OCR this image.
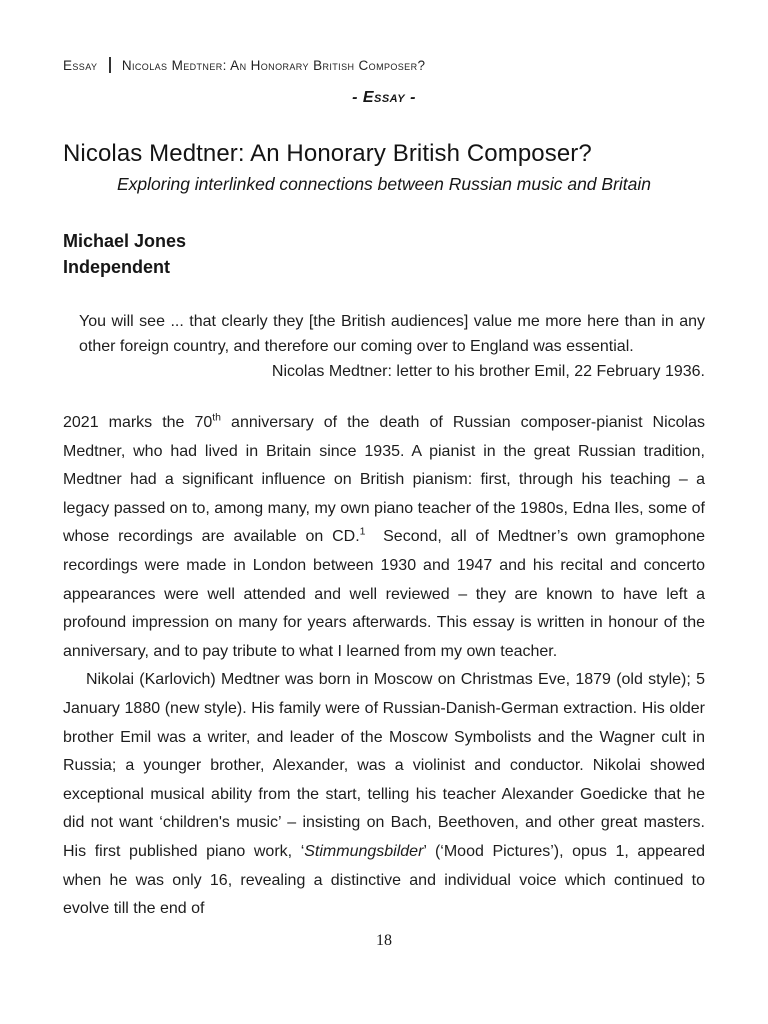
Essay Nicolas Medtner: An Honorary British Composer?
- Essay -
Nicolas Medtner: An Honorary British Composer?
Exploring interlinked connections between Russian music and Britain
Michael Jones
Independent

You will see ... that clearly they [the British audiences] value me more here than in any other foreign country, and therefore our coming over to England was essential.

Nicolas Medtner: letter to his brother Emil, 22 February 1936.

2021 marks the 70th anniversary of the death of Russian composer-pianist Nicolas Medtner, who had lived in Britain since 1935. A pianist in the great Russian tradition, Medtner had a significant influence on British pianism: first, through his teaching – a legacy passed on to, among many, my own piano teacher of the 1980s, Edna Iles, some of whose recordings are available on CD.$^1$  Second, all of Medtner’s own gramophone recordings were made in London between 1930 and 1947 and his recital and concerto appearances were well attended and well reviewed – they are known to have left a profound impression on many for years afterwards. This essay is written in honour of the anniversary, and to pay tribute to what I learned from my own teacher.

Nikolai (Karlovich) Medtner was born in Moscow on Christmas Eve, 1879 (old style); 5 January 1880 (new style). His family were of Russian-Danish-German extraction. His older brother Emil was a writer, and leader of the Moscow Symbolists and the Wagner cult in Russia; a younger brother, Alexander, was a violinist and conductor. Nikolai showed exceptional musical ability from the start, telling his teacher Alexander Goedicke that he did not want ‘children's music’ – insisting on Bach, Beethoven, and other great masters. His first published piano work, ‘Stimmungsbilder’ (‘Mood Pictures’), opus 1, appeared when he was only 16, revealing a distinctive and individual voice which continued to evolve till the end of

18
